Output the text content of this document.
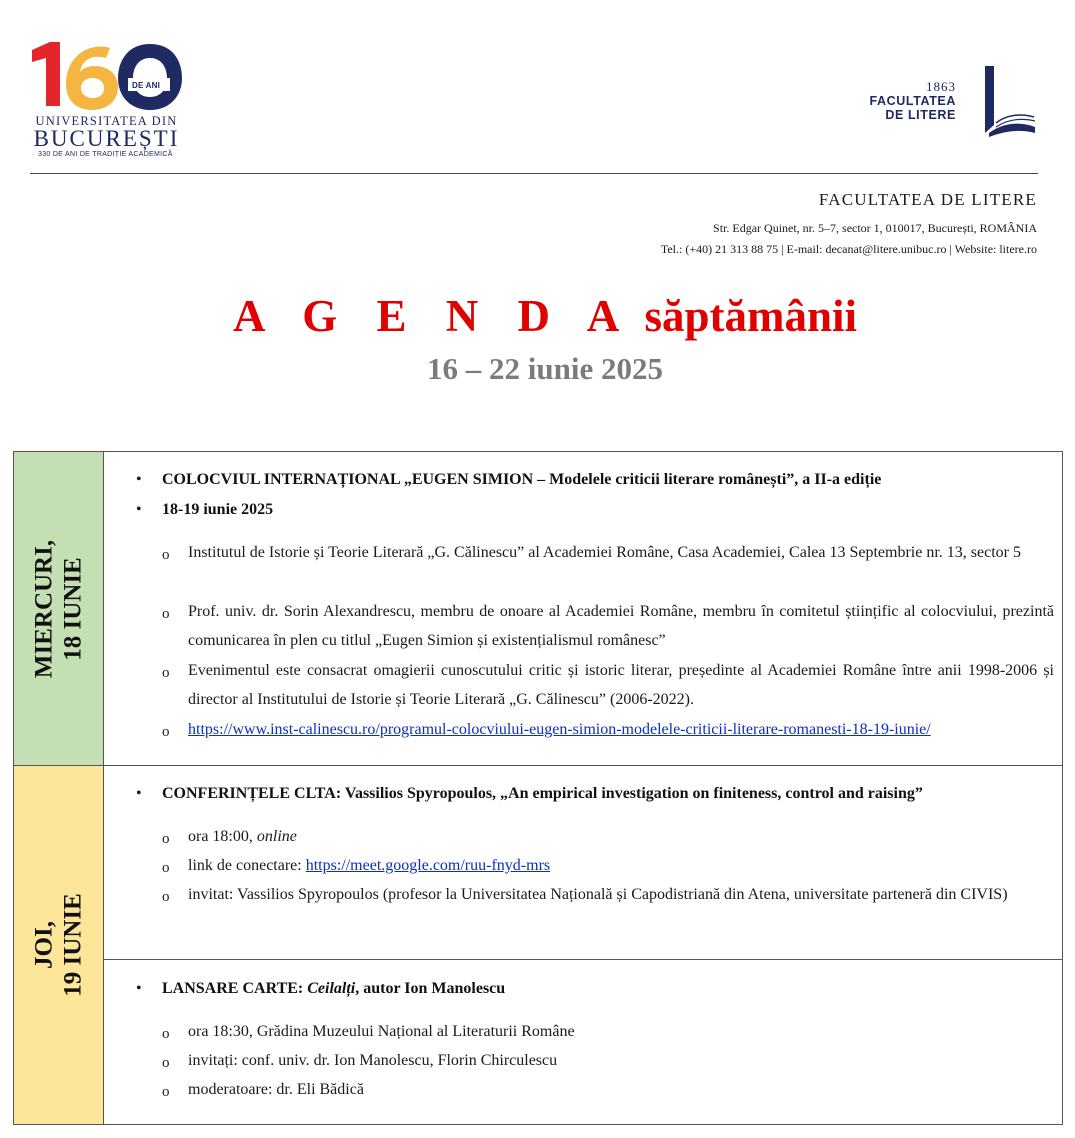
DE ANI
UNIVERSITATEA DIN
BUCUREȘTI
330 DE ANI DE TRADIȚIE ACADEMICĂ
1863
FACULTATEA
DE LITERE
FACULTATEA DE LITERE
Str. Edgar Quinet, nr. 5–7, sector 1, 010017, București, ROMÂNIA
Tel.: (+40) 21 313 88 75 | E-mail: decanat@litere.unibuc.ro | Website: litere.ro
A G E N D A săptămânii
16 – 22 iunie 2025
MIERCURI, 18 IUNIE
• COLOCVIUL INTERNAȚIONAL „EUGEN SIMION – Modelele criticii literare românești”, a II-a ediție
• 18-19 iunie 2025
o Institutul de Istorie și Teorie Literară „G. Călinescu” al Academiei Române, Casa Academiei, Calea 13 Septembrie nr. 13, sector 5
o Prof. univ. dr. Sorin Alexandrescu, membru de onoare al Academiei Române, membru în comitetul științific al colocviului, prezintă comunicarea în plen cu titlul „Eugen Simion și existențialismul românesc”
o Evenimentul este consacrat omagierii cunoscutului critic și istoric literar, președinte al Academiei Române între anii 1998-2006 și director al Institutului de Istorie și Teorie Literară „G. Călinescu” (2006-2022).
o https://www.inst-calinescu.ro/programul-colocviului-eugen-simion-modelele-criticii-literare-romanesti-18-19-iunie/
JOI, 19 IUNIE
• CONFERINȚELE CLTA: Vassilios Spyropoulos, „An empirical investigation on finiteness, control and raising”
o ora 18:00, online
o link de conectare: https://meet.google.com/ruu-fnyd-mrs
o invitat: Vassilios Spyropoulos (profesor la Universitatea Națională și Capodistriană din Atena, universitate parteneră din CIVIS)
• LANSARE CARTE: Ceilalți, autor Ion Manolescu
o ora 18:30, Grădina Muzeului Național al Literaturii Române
o invitați: conf. univ. dr. Ion Manolescu, Florin Chirculescu
o moderatoare: dr. Eli Bădică
